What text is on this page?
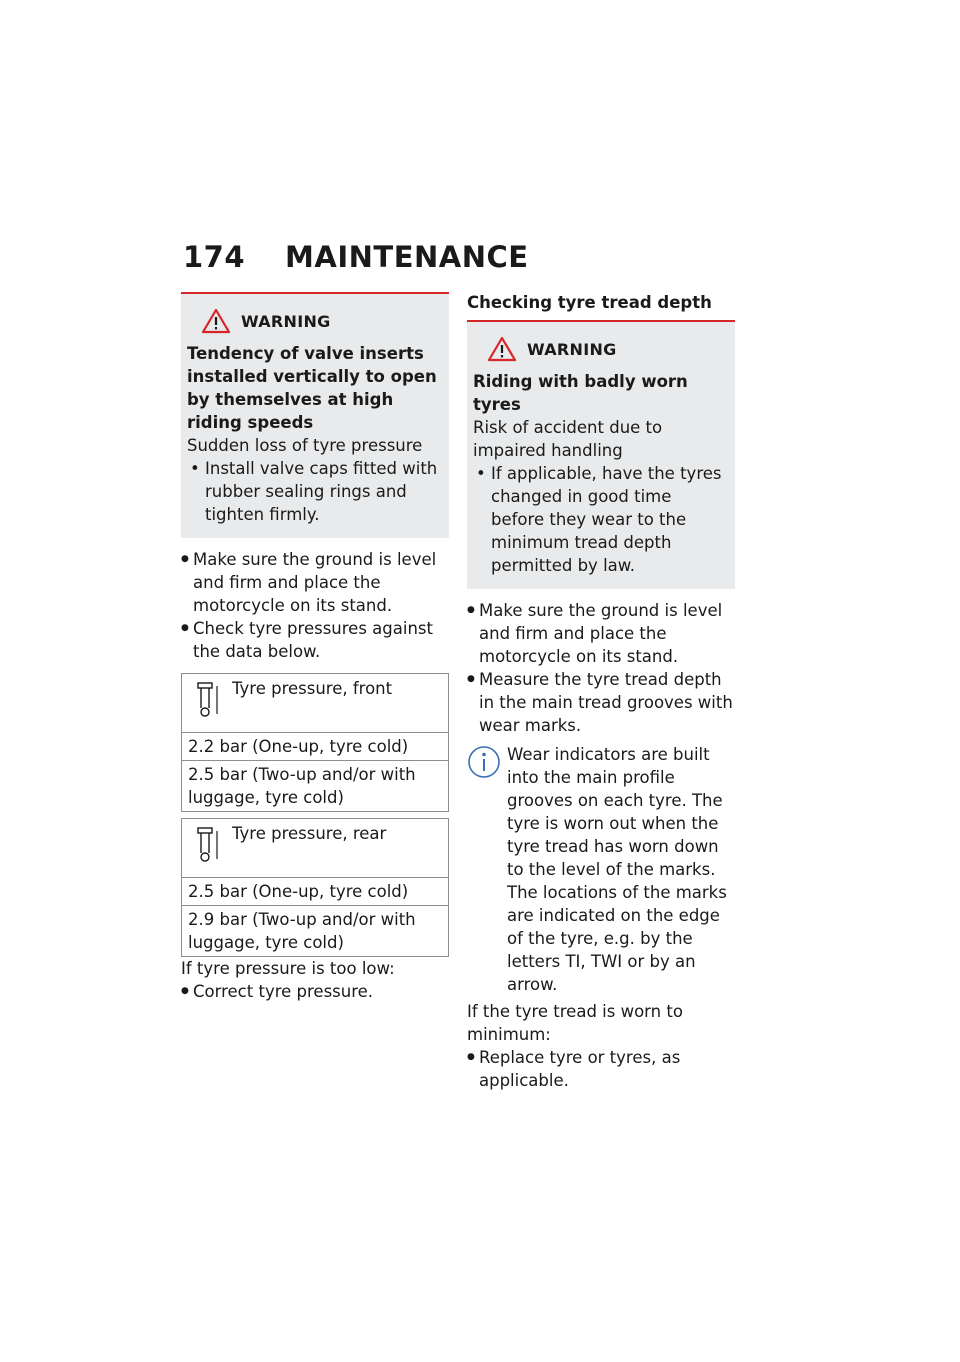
174 MAINTENANCE
WARNING
Tendency of valve inserts installed vertically to open by themselves at high riding speeds
Sudden loss of tyre pressure
• Install valve caps fitted with rubber sealing rings and tighten firmly.
● Make sure the ground is level and firm and place the motorcycle on its stand.
● Check tyre pressures against the data below.
Tyre pressure, front
2.2 bar (One-up, tyre cold)
2.5 bar (Two-up and/or with luggage, tyre cold)
Tyre pressure, rear
2.5 bar (One-up, tyre cold)
2.9 bar (Two-up and/or with luggage, tyre cold)
If tyre pressure is too low:
● Correct tyre pressure.
Checking tyre tread depth
WARNING
Riding with badly worn tyres
Risk of accident due to impaired handling
• If applicable, have the tyres changed in good time before they wear to the minimum tread depth permitted by law.
● Make sure the ground is level and firm and place the motorcycle on its stand.
● Measure the tyre tread depth in the main tread grooves with wear marks.
Wear indicators are built into the main profile grooves on each tyre. The tyre is worn out when the tyre tread has worn down to the level of the marks. The locations of the marks are indicated on the edge of the tyre, e.g. by the letters TI, TWI or by an arrow.
If the tyre tread is worn to minimum:
● Replace tyre or tyres, as applicable.
